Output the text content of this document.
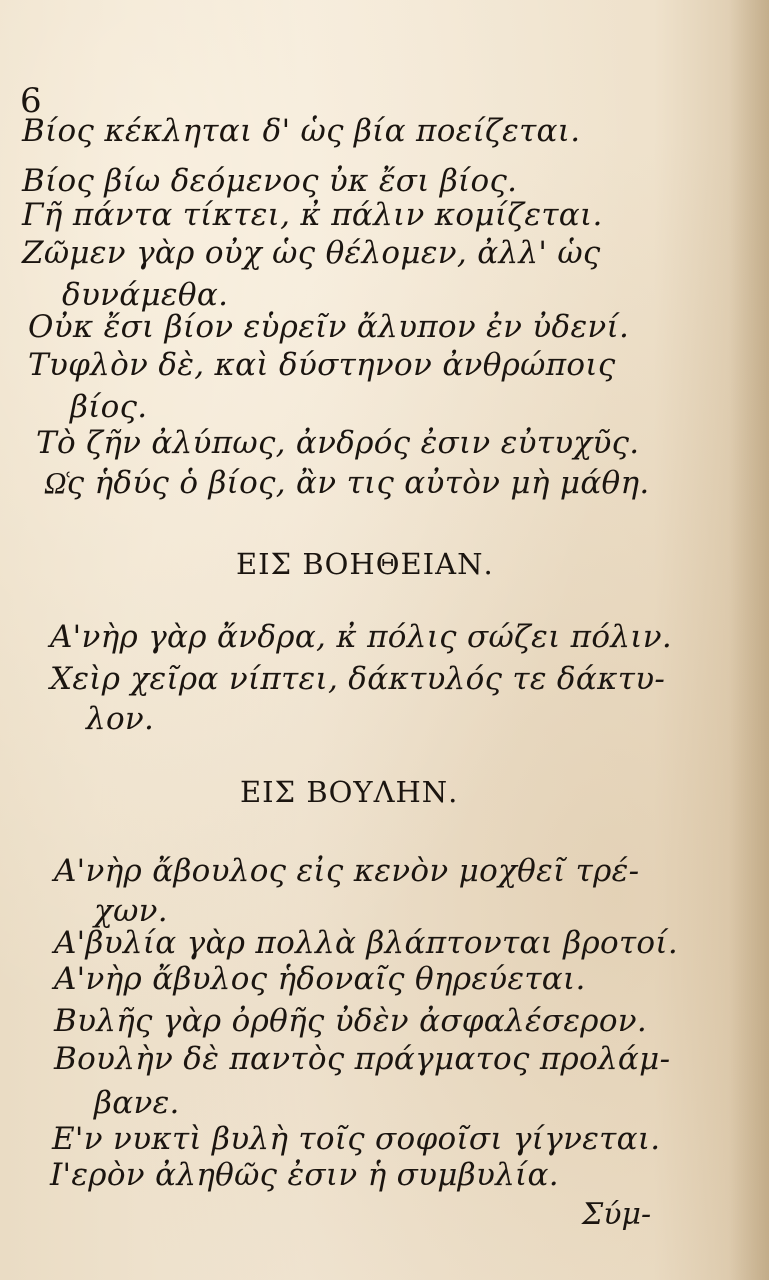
6
Βίος κέκληται δ' ὡς βία ποείζεται.
Βίος βίω δεόμενος ὐκ ἔσι βίος.
Γῆ πάντα τίκτει, κ̓ πάλιν κομίζεται.
Ζῶμεν γὰρ οὐχ ὡς θέλομεν, ἀλλ' ὡς
δυνάμεθα.
Οὐκ ἔσι βίον εὑρεῖν ἄλυπον ἐν ὐδενί.
Τυφλὸν δὲ, καὶ δύστηνον ἀνθρώποις
βίος.
Τὸ ζῆν ἀλύπως, ἀνδρός ἐσιν εὐτυχῦς.
Ω͑ς ἡδύς ὁ βίος, ἂν τις αὐτὸν μὴ μάθη.
ΕΙΣ ΒΟΗΘΕΙΑΝ.
Α'νὴρ γὰρ ἄνδρα, κ̓ πόλις σώζει πόλιν.
Χεὶρ χεῖρα νίπτει, δάκτυλός τε δάκτυ-
λον.
ΕΙΣ ΒΟΥΛΗΝ.
Α'νὴρ ἄβουλος εἰς κενὸν μοχθεῖ τρέ-
χων.
Α'βυλία γὰρ πολλὰ βλάπτονται βροτοί.
Α'νὴρ ἄβυλος ἡδοναῖς θηρεύεται.
Βυλῆς γὰρ ὀρθῆς ὐδὲν ἀσφαλέσερον.
Βουλὴν δὲ παντὸς πράγματος προλάμ-
βανε.
Ε'ν νυκτὶ βυλὴ τοῖς σοφοῖσι γίγνεται.
Ι'ερὸν ἀληθῶς ἐσιν ἡ συμβυλία.
Σύμ-
